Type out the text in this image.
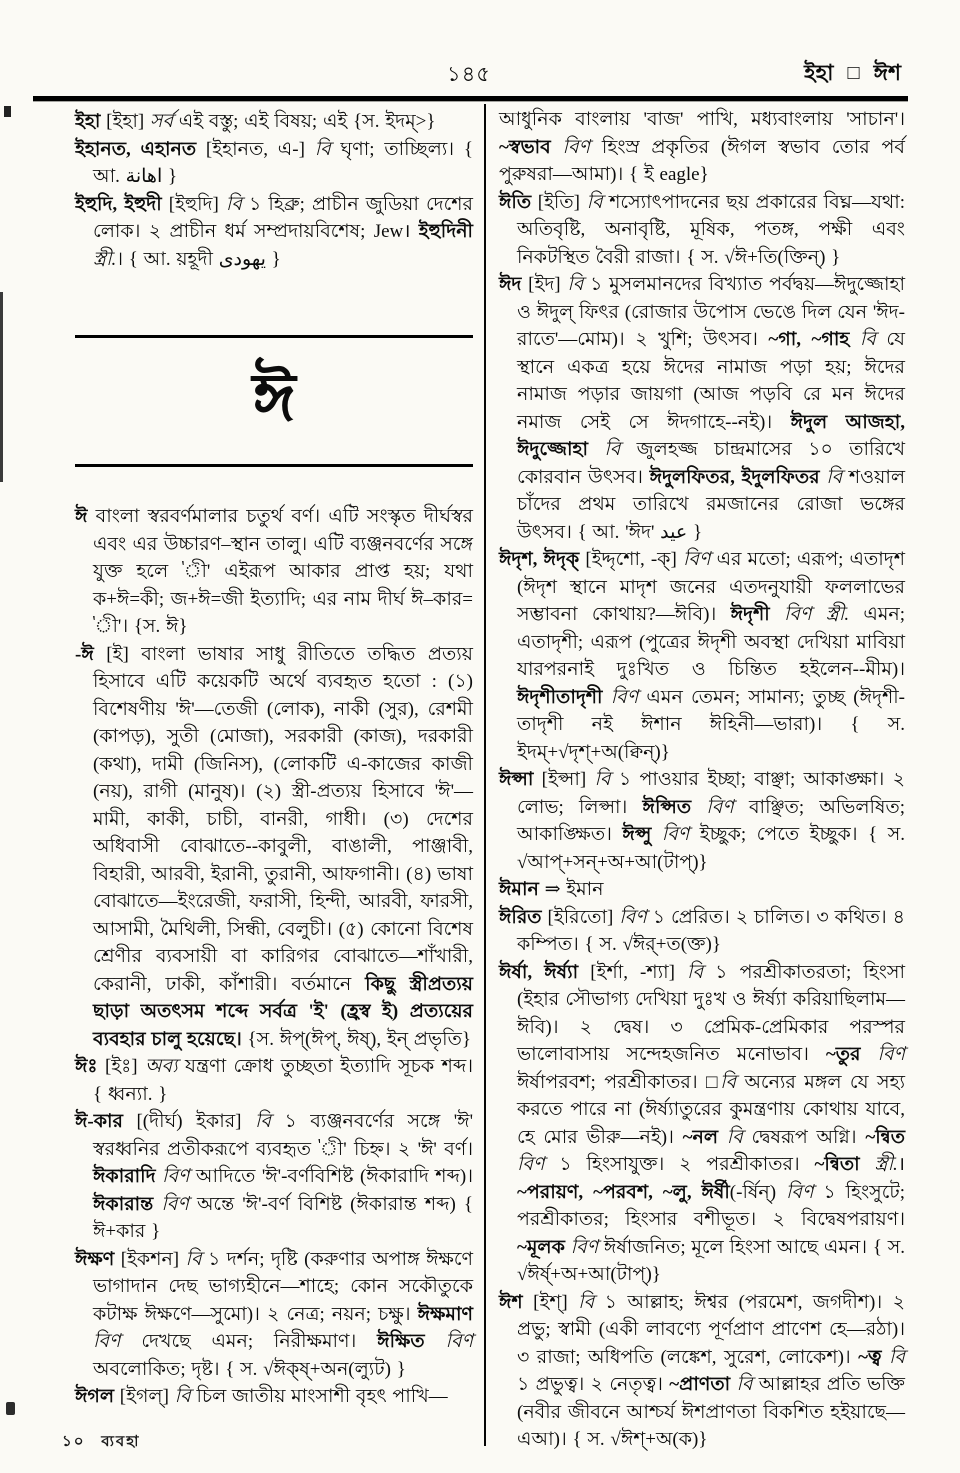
১৪৫	ইহা □ ঈশ

ইহা [ইহা] সর্ব এই বস্তু; এই বিষয়; এই {স. ইদম্>}

ইহানত, এহানত [ইহানত, এ-] বি ঘৃণা; তাচ্ছিল্য। { আ. اهانة }

ইহুদি, ইহুদী [ইহুদি] বি ১ হিব্রু; প্রাচীন জুডিয়া দেশের লোক। ২ প্রাচীন ধর্ম সম্প্রদায়বিশেষ; Jew। ইহুদিনী স্ত্রী.। { আ. য়হূদী يهودى }

ঈ

ঈ বাংলা স্বরবর্ণমালার চতুর্থ বর্ণ। এটি সংস্কৃত দীর্ঘস্বর এবং এর উচ্চারণ–স্থান তালু। এটি ব্যঞ্জনবর্ণের সঙ্গে যুক্ত হলে 'ী' এইরূপ আকার প্রাপ্ত হয়; যথা ক+ঈ=কী; জ+ঈ=জী ইত্যাদি; এর নাম দীর্ঘ ঈ–কার= 'ী'। {স. ঈ}

-ঈ [ই] বাংলা ভাষার সাধু রীতিতে তদ্ধিত প্রত্যয় হিসাবে এটি কয়েকটি অর্থে ব্যবহৃত হতো : (১) বিশেষণীয় 'ঈ'—তেজী (লোক), নাকী (সুর), রেশমী (কাপড়), সুতী (মোজা), সরকারী (কাজ), দরকারী (কথা), দামী (জিনিস), (লোকটি এ-কাজের কাজী (নয়), রাগী (মানুষ)। (২) স্ত্রী-প্রত্যয় হিসাবে 'ঈ'—মামী, কাকী, চাচী, বানরী, গাধী। (৩) দেশের অধিবাসী বোঝাতে--কাবুলী, বাঙালী, পাঞ্জাবী, বিহারী, আরবী, ইরানী, তুরানী, আফগানী। (৪) ভাষা বোঝাতে—ইংরেজী, ফরাসী, হিন্দী, আরবী, ফারসী, আসামী, মৈথিলী, সিন্ধী, বেলুচী। (৫) কোনো বিশেষ শ্রেণীর ব্যবসায়ী বা কারিগর বোঝাতে—শাঁখারী, কেরানী, ঢাকী, কাঁশারী। বর্তমানে কিছু স্ত্রীপ্রত্যয় ছাড়া অতৎসম শব্দে সর্বত্র 'ই' (হ্রস্ব ই) প্রত্যয়ের ব্যবহার চালু হয়েছে। {স. ঈপ্(ঈপ্, ঈষ্), ইন্ প্রভৃতি}

ঈঃ [ইঃ] অব্য যন্ত্রণা ক্রোধ তুচ্ছতা ইত্যাদি সূচক শব্দ। { ধ্বন্যা. }

ঈ-কার [(দীর্ঘ) ইকার] বি ১ ব্যঞ্জনবর্ণের সঙ্গে 'ঈ' স্বরধ্বনির প্রতীকরূপে ব্যবহৃত 'ী' চিহ্ন। ২ 'ঈ' বর্ণ। ঈকারাদি বিণ আদিতে 'ঈ'-বর্ণবিশিষ্ট (ঈকারাদি শব্দ)। ঈকারান্ত বিণ অন্তে 'ঈ'-বর্ণ বিশিষ্ট (ঈকারান্ত শব্দ) { ঈ+কার }

ঈক্ষণ [ইকশন] বি ১ দর্শন; দৃষ্টি (করুণার অপাঙ্গ ঈক্ষণে ভাগাদান দেছ ভাগ্যহীনে—শাহে; কোন সকৌতুকে কটাক্ষ ঈক্ষণে—সুমো)। ২ নেত্র; নয়ন; চক্ষু। ঈক্ষমাণ বিণ দেখছে এমন; নিরীক্ষমাণ। ঈক্ষিত বিণ অবলোকিত; দৃষ্ট। { স. √ঈক্ষ্+অন(ল্যুট) }

ঈগল [ইগল্] বি চিল জাতীয় মাংসাশী বৃহৎ পাখি—

আধুনিক বাংলায় 'বাজ' পাখি, মধ্যবাংলায় 'সাচান'। ~স্বভাব বিণ হিংস্র প্রকৃতির (ঈগল স্বভাব তোর পর্ব পুরুষরা—আমা)। { ই eagle}

ঈতি [ইতি] বি শস্যোৎপাদনের ছয় প্রকারের বিঘ্ন—যথা: অতিবৃষ্টি, অনাবৃষ্টি, মূষিক, পতঙ্গ, পক্ষী এবং নিকটস্থিত বৈরী রাজা। { স. √ঈ+তি(ক্তিন্) }

ঈদ [ইদ] বি ১ মুসলমানদের বিখ্যাত পর্বদ্বয়—ঈদুজ্জোহা ও ঈদুল্ ফিৎর (রোজার উপোস ভেঙে দিল যেন 'ঈদ-রাতে'—মোম)। ২ খুশি; উৎসব। ~গা, ~গাহ বি যে স্থানে একত্র হয়ে ঈদের নামাজ পড়া হয়; ঈদের নামাজ পড়ার জায়গা (আজ পড়বি রে মন ঈদের নমাজ সেই সে ঈদগাহে--নই)। ঈদুল আজহা, ঈদুজ্জোহা বি জুলহজ্জ চান্দ্রমাসের ১০ তারিখে কোরবান উৎসব। ঈদুলফিতর, ইদুলফিতর বি শওয়াল চাঁদের প্রথম তারিখে রমজানের রোজা ভঙ্গের উৎসব। { আ. 'ঈদ' عيد }

ঈদৃশ, ঈদৃক্ [ইদ্দৃশো, -ক্] বিণ এর মতো; এরূপ; এতাদৃশ (ঈদৃশ স্থানে মাদৃশ জনের এতদনুযায়ী ফললাভের সম্ভাবনা কোথায়?—ঈবি)। ঈদৃশী বিণ স্ত্রী. এমন; এতাদৃশী; এরূপ (পুত্রের ঈদৃশী অবস্থা দেখিয়া মাবিয়া যারপরনাই দুঃখিত ও চিন্তিত হইলেন--মীম)। ঈদৃশীতাদৃশী বিণ এমন তেমন; সামান্য; তুচ্ছ (ঈদৃশী-তাদৃশী নই ঈশান ঈহিনী—ভারা)। { স. ইদম্+√দৃশ্+অ(ক্বিন্)}

ঈপ্সা [ইপ্সা] বি ১ পাওয়ার ইচ্ছা; বাঞ্ছা; আকাঙ্ক্ষা। ২ লোভ; লিপ্সা। ঈপ্সিত বিণ বাঞ্ছিত; অভিলষিত; আকাঙ্ক্ষিত। ঈপ্সু বিণ ইচ্ছুক; পেতে ইচ্ছুক। { স. √আপ্+সন্+অ+আ(টাপ্)}

ঈমান ⇒ ইমান

ঈরিত [ইরিতো] বিণ ১ প্রেরিত। ২ চালিত। ৩ কথিত। ৪ কম্পিত। { স. √ঈর্+ত(ক্ত)}

ঈর্ষা, ঈর্ষ্যা [ইর্শা, -শ্যা] বি ১ পরশ্রীকাতরতা; হিংসা (ইহার সৌভাগ্য দেখিয়া দুঃখ ও ঈর্ষ্যা করিয়াছিলাম—ঈবি)। ২ দ্বেষ। ৩ প্রেমিক-প্রেমিকার পরস্পর ভালোবাসায় সন্দেহজনিত মনোভাব। ~তুর বিণ ঈর্ষাপরবশ; পরশ্রীকাতর। □বি অন্যের মঙ্গল যে সহ্য করতে পারে না (ঈর্ষ্যাতুরের কুমন্ত্রণায় কোথায় যাবে, হে মোর ভীরু—নই)। ~নল বি দ্বেষরূপ অগ্নি। ~ন্বিত বিণ ১ হিংসাযুক্ত। ২ পরশ্রীকাতর। ~ন্বিতা স্ত্রী.। ~পরায়ণ, ~পরবশ, ~লু, ঈর্ষী(-র্ষিন্) বিণ ১ হিংসুটে; পরশ্রীকাতর; হিংসার বশীভূত। ২ বিদ্বেষপরায়ণ। ~মূলক বিণ ঈর্ষাজনিত; মূলে হিংসা আছে এমন। { স. √ঈর্ষ্+অ+আ(টাপ্)}

ঈশ [ইশ্] বি ১ আল্লাহ; ঈশ্বর (পরমেশ, জগদীশ)। ২ প্রভু; স্বামী (একী লাবণ্যে পূর্ণপ্রাণ প্রাণেশ হে—রঠা)। ৩ রাজা; অধিপতি (লঙ্কেশ, সুরেশ, লোকেশ)। ~ত্ব বি ১ প্রভুত্ব। ২ নেতৃত্ব। ~প্রাণতা বি আল্লাহর প্রতি ভক্তি (নবীর জীবনে আশ্চর্য ঈশপ্রাণতা বিকশিত হইয়াছে—এআ)। { স. √ঈশ্+অ(ক)}

১০ ব্যবহা
